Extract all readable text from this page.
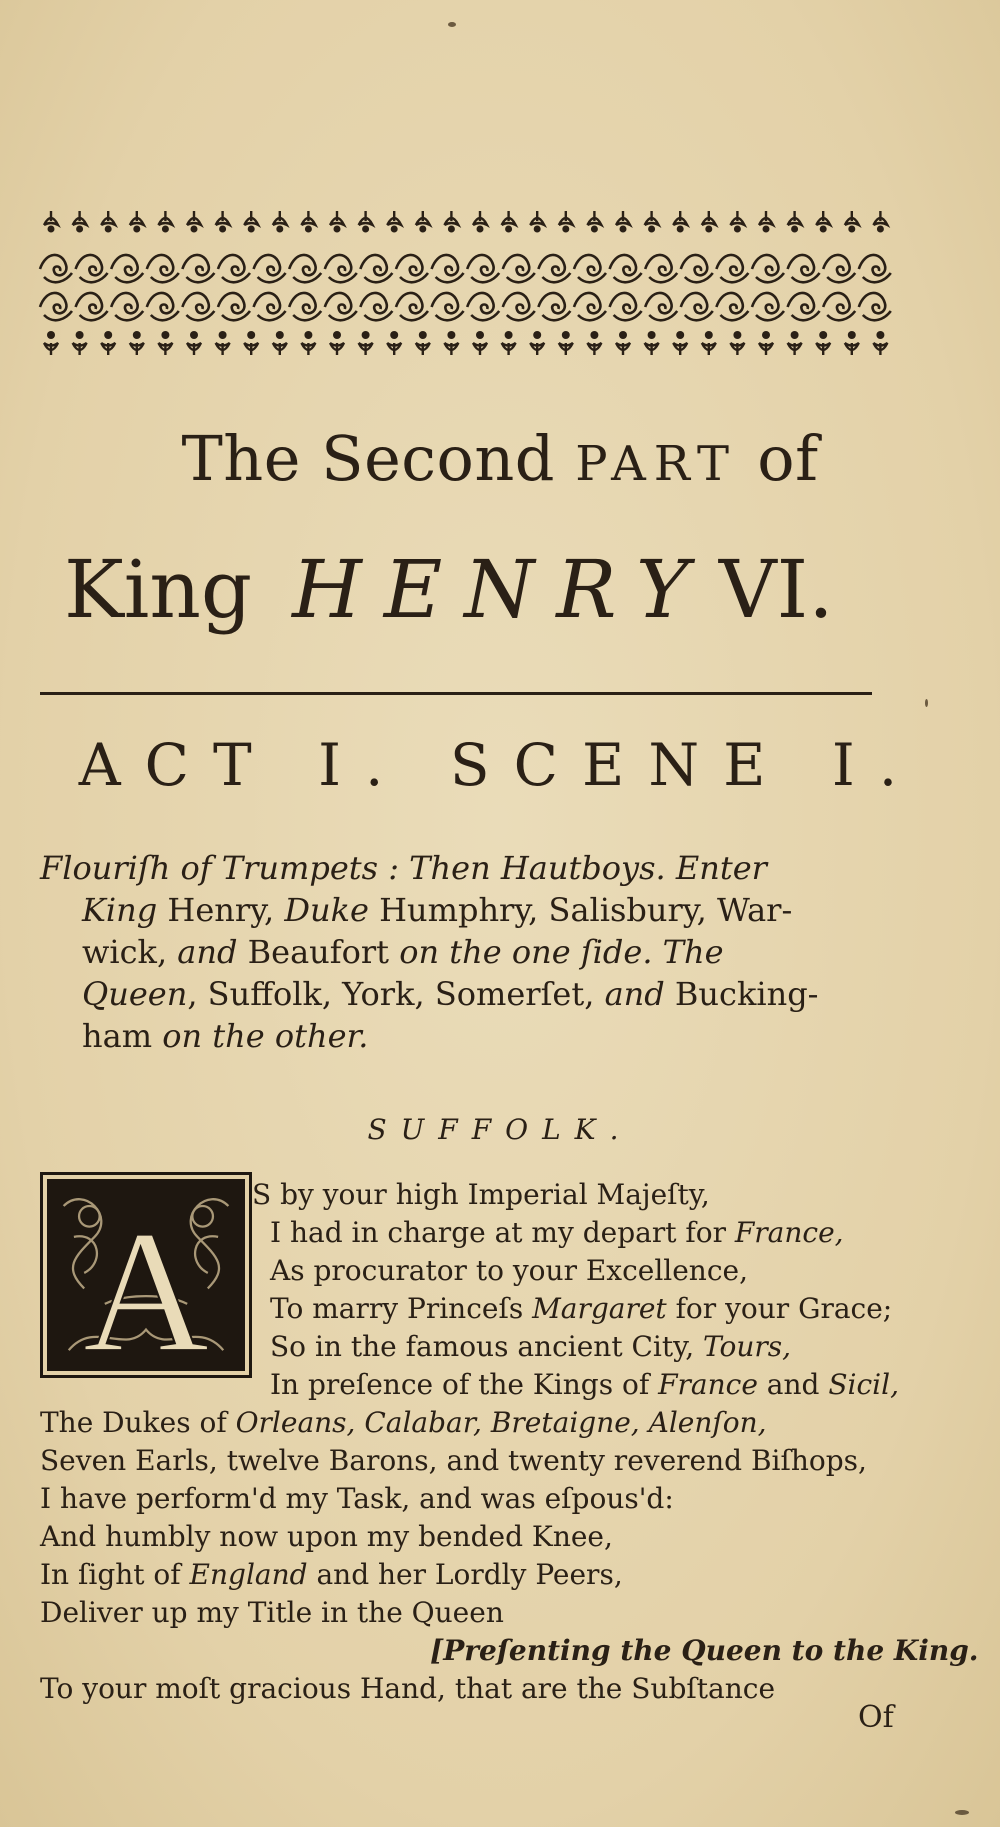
The Second PART of
King HENRY VI.
ACT I. SCENE I.
Flouriſh of Trumpets : Then Hautboys. Enter
King Henry, Duke Humphry, Salisbury, War-
wick, and Beaufort on the one ſide. The
Queen, Suffolk, York, Somerſet, and Bucking-
ham on the other.
SUFFOLK.
A S by your high Imperial Majeſty,
I had in charge at my depart for France,
As procurator to your Excellence,
To marry Princeſs Margaret for your Grace;
So in the famous ancient City, Tours,
In preſence of the Kings of France and Sicil,
The Dukes of Orleans, Calabar, Bretaigne, Alenſon,
Seven Earls, twelve Barons, and twenty reverend Biſhops,
I have perform'd my Task, and was eſpous'd:
And humbly now upon my bended Knee,
In ſight of England and her Lordly Peers,
Deliver up my Title in the Queen
[Preſenting the Queen to the King.
To your moſt gracious Hand, that are the Subſtance
Of
